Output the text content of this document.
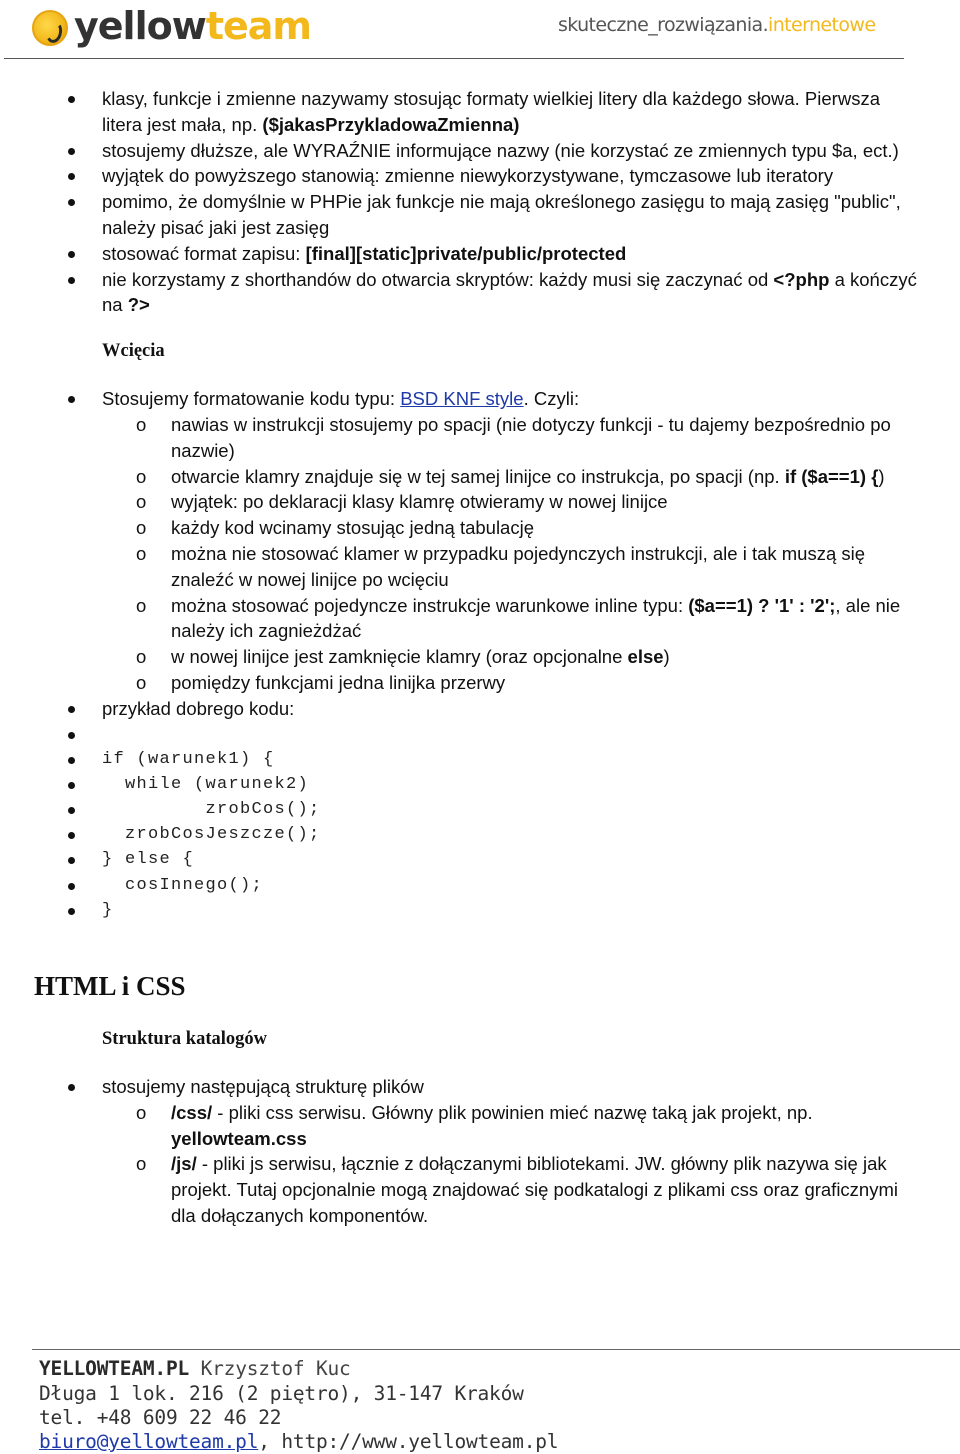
yellowteam	skuteczne_rozwiązania.internetowe
klasy, funkcje i zmienne nazywamy stosując formaty wielkiej litery dla każdego słowa. Pierwsza litera jest mała, np. ($jakasPrzykladowaZmienna)
stosujemy dłuższe, ale WYRAŹNIE informujące nazwy (nie korzystać ze zmiennych typu $a, ect.)
wyjątek do powyższego stanowią: zmienne niewykorzystywane, tymczasowe lub iteratory
pomimo, że domyślnie w PHPie jak funkcje nie mają określonego zasięgu to mają zasięg "public", należy pisać jaki jest zasięg
stosować format zapisu: [final][static]private/public/protected
nie korzystamy z shorthandów do otwarcia skryptów: każdy musi się zaczynać od <?php a kończyć na ?>
Wcięcia
Stosujemy formatowanie kodu typu: BSD KNF style. Czyli:
o nawias w instrukcji stosujemy po spacji (nie dotyczy funkcji - tu dajemy bezpośrednio po nazwie)
o otwarcie klamry znajduje się w tej samej linijce co instrukcja, po spacji (np. if ($a==1) {)
o wyjątek: po deklaracji klasy klamrę otwieramy w nowej linijce
o każdy kod wcinamy stosując jedną tabulację
o można nie stosować klamer w przypadku pojedynczych instrukcji, ale i tak muszą się znaleźć w nowej linijce po wcięciu
o można stosować pojedyncze instrukcje warunkowe inline typu: ($a==1) ? '1' : '2';, ale nie należy ich zagnieżdżać
o w nowej linijce jest zamknięcie klamry (oraz opcjonalne else)
o pomiędzy funkcjami jedna linijka przerwy
przykład dobrego kodu:
if (warunek1) {
while (warunek2)
zrobCos();
zrobCosJeszcze();
} else {
cosInnego();
}
HTML i CSS
Struktura katalogów
stosujemy następującą strukturę plików
o /css/ - pliki css serwisu. Główny plik powinien mieć nazwę taką jak projekt, np. yellowteam.css
o /js/ - pliki js serwisu, łącznie z dołączanymi bibliotekami. JW. główny plik nazywa się jak projekt. Tutaj opcjonalnie mogą znajdować się podkatalogi z plikami css oraz graficznymi dla dołączanych komponentów.
YELLOWTEAM.PL Krzysztof Kuc
Długa 1 lok. 216 (2 piętro), 31-147 Kraków
tel. +48 609 22 46 22
biuro@yellowteam.pl, http://www.yellowteam.pl
